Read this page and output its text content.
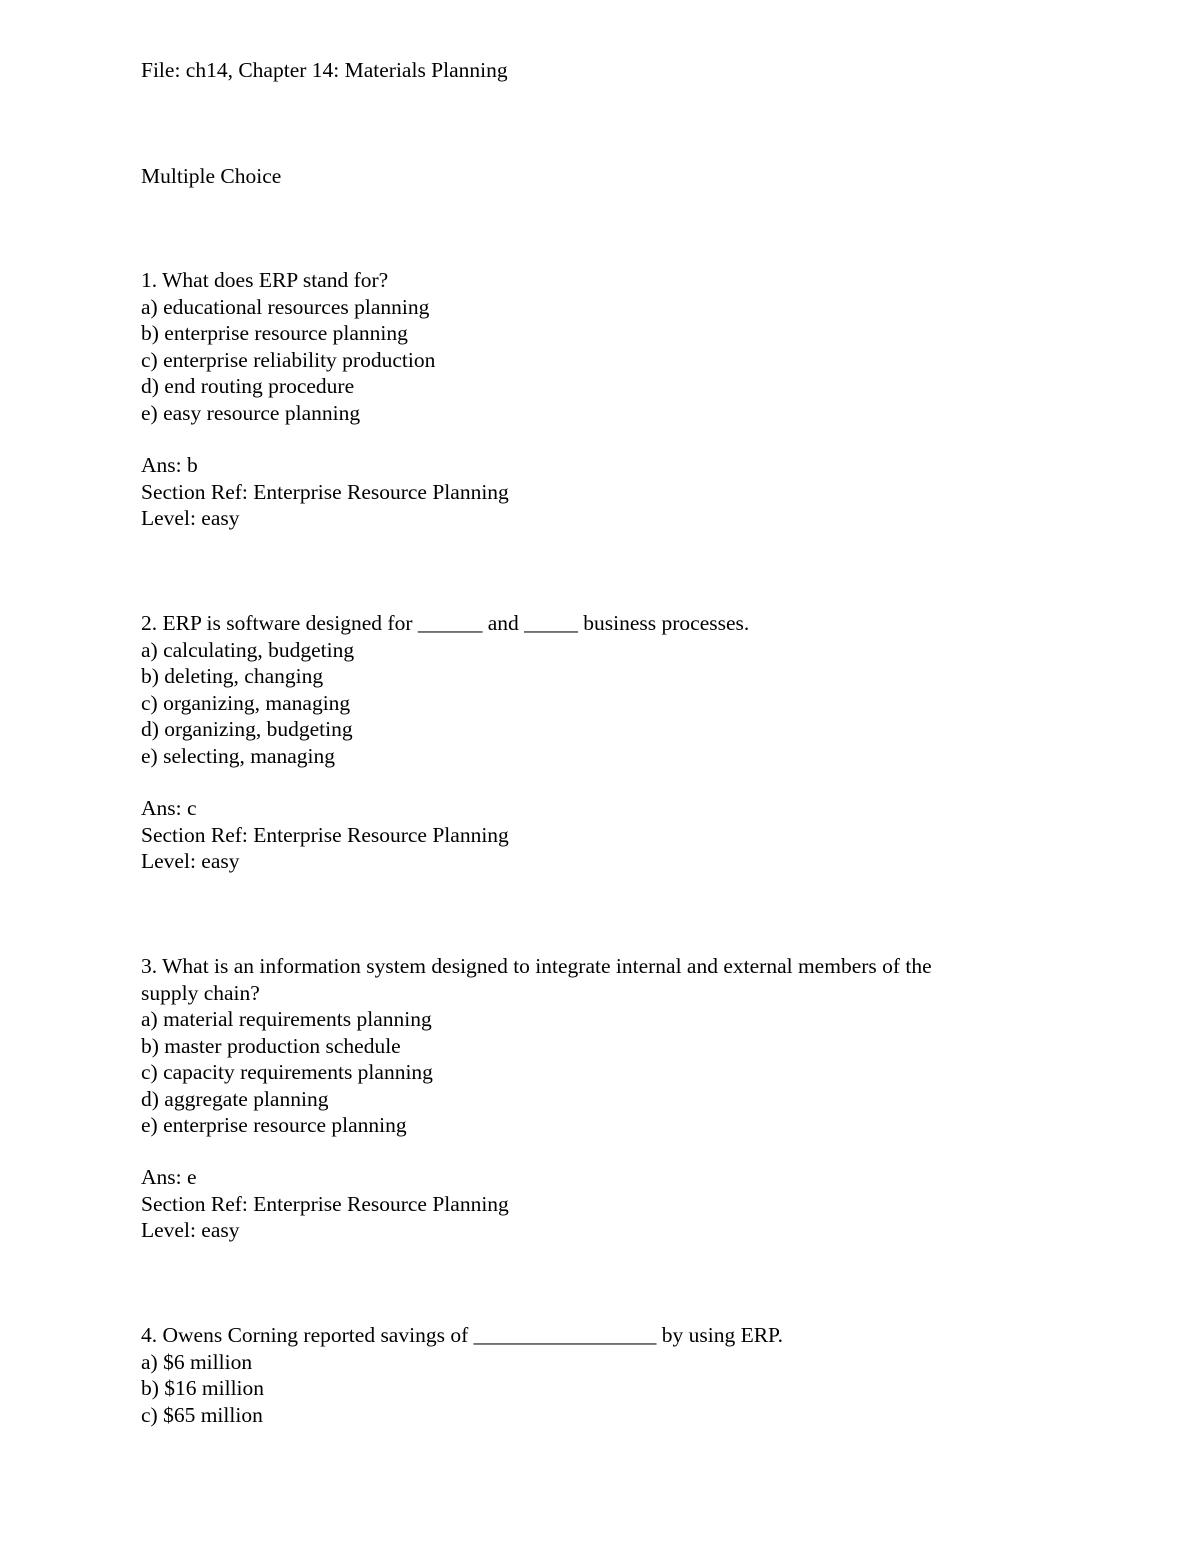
File: ch14, Chapter 14: Materials Planning

Multiple Choice

1. What does ERP stand for?

a) educational resources planning

b) enterprise resource planning

c) enterprise reliability production

d) end routing procedure

e) easy resource planning

Ans: b

Section Ref: Enterprise Resource Planning

Level: easy

2. ERP is software designed for ______ and _____ business processes.

a) calculating, budgeting

b) deleting, changing

c) organizing, managing

d) organizing, budgeting

e) selecting, managing

Ans: c

Section Ref: Enterprise Resource Planning

Level: easy

3. What is an information system designed to integrate internal and external members of the

supply chain?

a) material requirements planning

b) master production schedule

c) capacity requirements planning

d) aggregate planning

e) enterprise resource planning

Ans: e

Section Ref: Enterprise Resource Planning

Level: easy

4. Owens Corning reported savings of _________________ by using ERP.

a) $6 million

b) $16 million

c) $65 million
